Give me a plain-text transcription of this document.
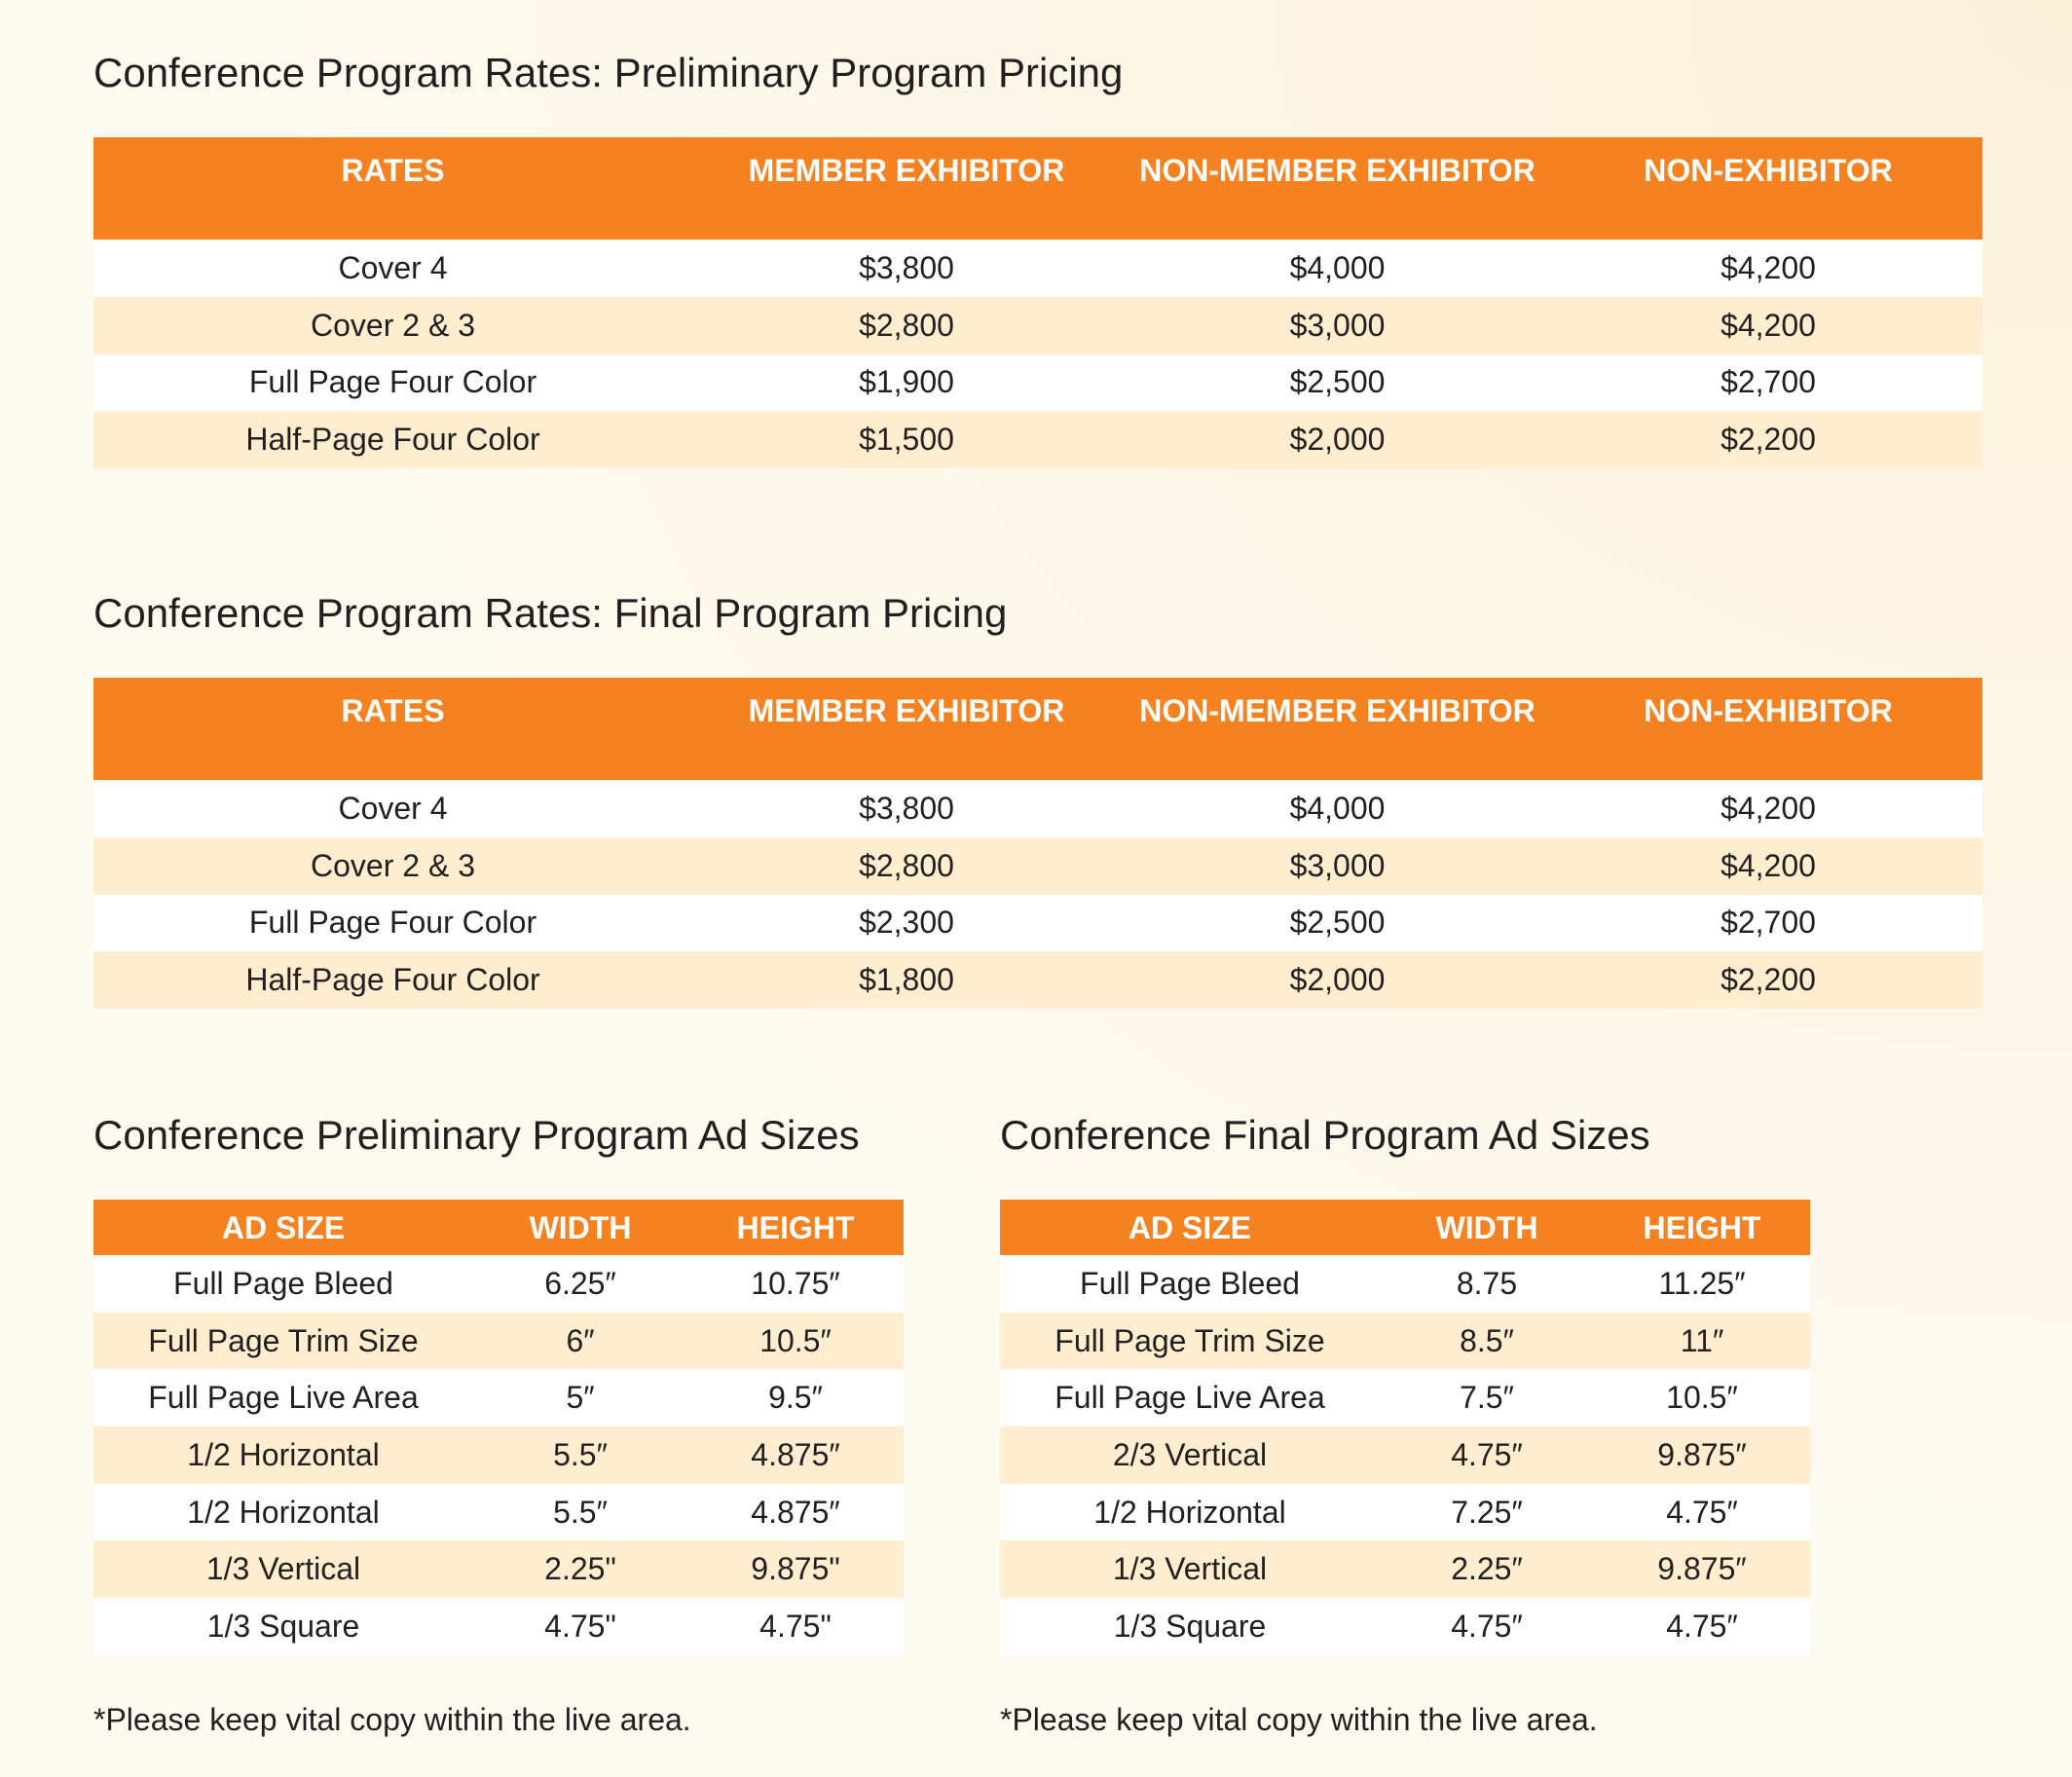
Conference Program Rates: Preliminary Program Pricing
RATES	MEMBER EXHIBITOR	NON-MEMBER EXHIBITOR	NON-EXHIBITOR
Cover 4	$3,800	$4,000	$4,200
Cover 2 & 3	$2,800	$3,000	$4,200
Full Page Four Color	$1,900	$2,500	$2,700
Half-Page Four Color	$1,500	$2,000	$2,200
Conference Program Rates: Final Program Pricing
RATES	MEMBER EXHIBITOR	NON-MEMBER EXHIBITOR	NON-EXHIBITOR
Cover 4	$3,800	$4,000	$4,200
Cover 2 & 3	$2,800	$3,000	$4,200
Full Page Four Color	$2,300	$2,500	$2,700
Half-Page Four Color	$1,800	$2,000	$2,200
Conference Preliminary Program Ad Sizes
AD SIZE	WIDTH	HEIGHT
Full Page Bleed	6.25″	10.75″
Full Page Trim Size	6″	10.5″
Full Page Live Area	5″	9.5″
1/2 Horizontal	5.5″	4.875″
1/2 Horizontal	5.5″	4.875″
1/3 Vertical	2.25"	9.875"
1/3 Square	4.75"	4.75"

*Please keep vital copy within the live area.

Conference Final Program Ad Sizes
AD SIZE	WIDTH	HEIGHT
Full Page Bleed	8.75	11.25″
Full Page Trim Size	8.5″	11″
Full Page Live Area	7.5″	10.5″
2/3 Vertical	4.75″	9.875″
1/2 Horizontal	7.25″	4.75″
1/3 Vertical	2.25″	9.875″
1/3 Square	4.75″	4.75″

*Please keep vital copy within the live area.
